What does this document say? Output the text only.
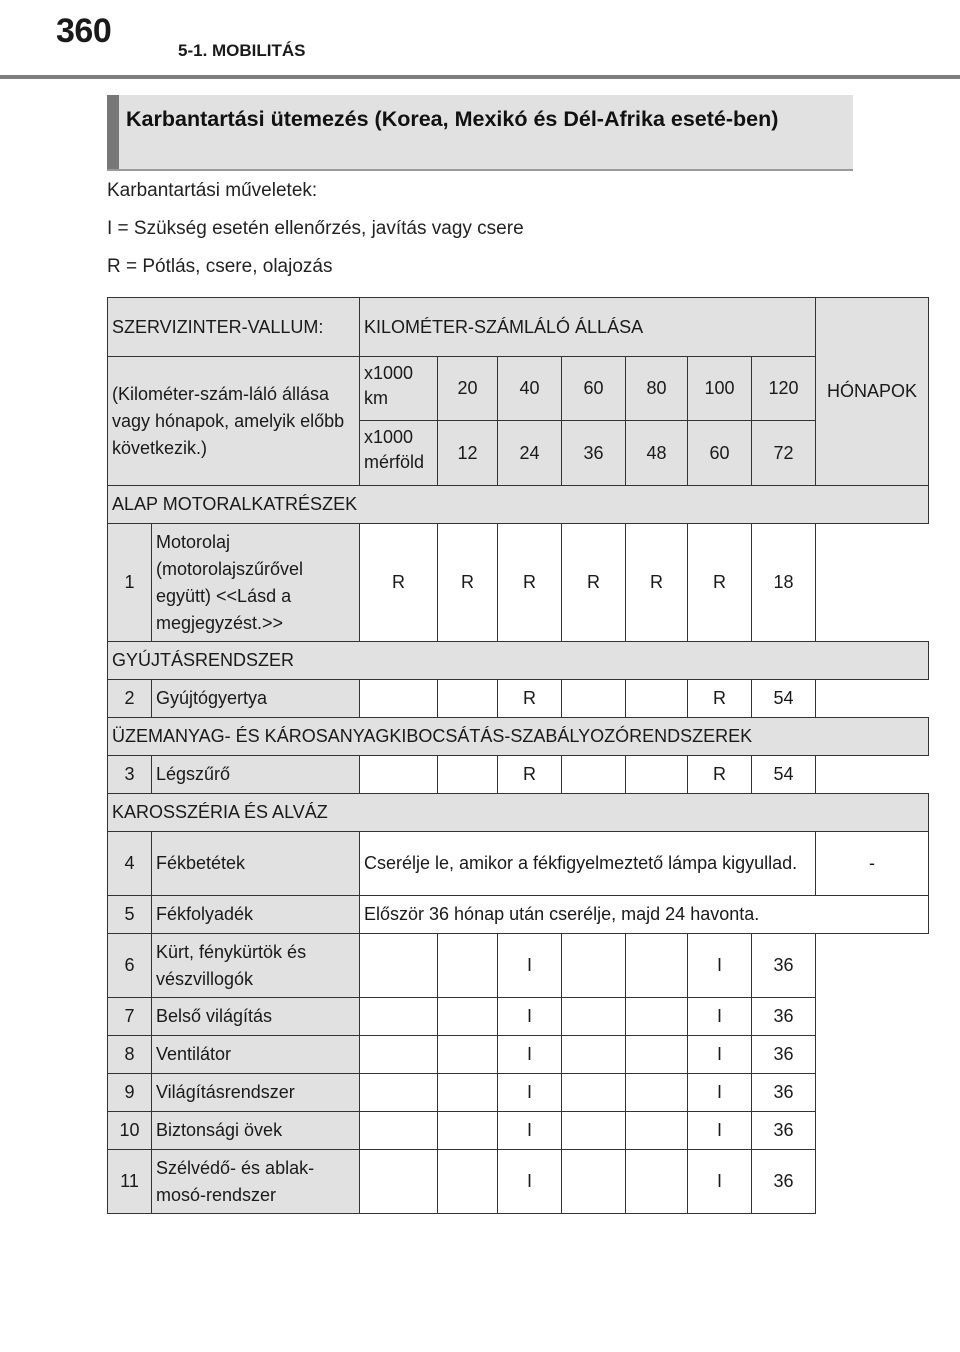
360
5-1. MOBILITÁS
Karbantartási ütemezés (Korea, Mexikó és Dél-Afrika eseté-ben)
Karbantartási műveletek:
I = Szükség esetén ellenőrzés, javítás vagy csere
R = Pótlás, csere, olajozás
SZERVIZINTER-VALLUM:		KILOMÉTER-SZÁMLÁLÓ ÁLLÁSA							HÓNAPOK
(Kilométer-szám-láló állása vagy hónapok, amelyik előbb következik.)		x1000 km	20	40	60	80	100	120	
		x1000 mérföld	12	24	36	48	60	72	
ALAP MOTORALKATRÉSZEK									
1	Motorolaj (motorolajszűrővel együtt) <<Lásd a megjegyzést.>>	R	R	R	R	R	R	18	
GYÚJTÁSRENDSZER									
2	Gyújtógyertya			R			R	54	
ÜZEMANYAG- ÉS KÁROSANYAGKIBOCSÁTÁS-SZABÁLYOZÓRENDSZEREK									
3	Légszűrő			R			R	54	
KAROSSZÉRIA ÉS ALVÁZ									
4	Fékbetétek	Cserélje le, amikor a fékfigyelmeztető lámpa kigyullad.							-
5	Fékfolyadék	Először 36 hónap után cserélje, majd 24 havonta.							
6	Kürt, fénykürtök és vészvillogók			I			I	36	
7	Belső világítás			I			I	36	
8	Ventilátor			I			I	36	
9	Világításrendszer			I			I	36	
10	Biztonsági övek			I			I	36	
11	Szélvédő- és ablak-mosó-rendszer			I			I	36	
